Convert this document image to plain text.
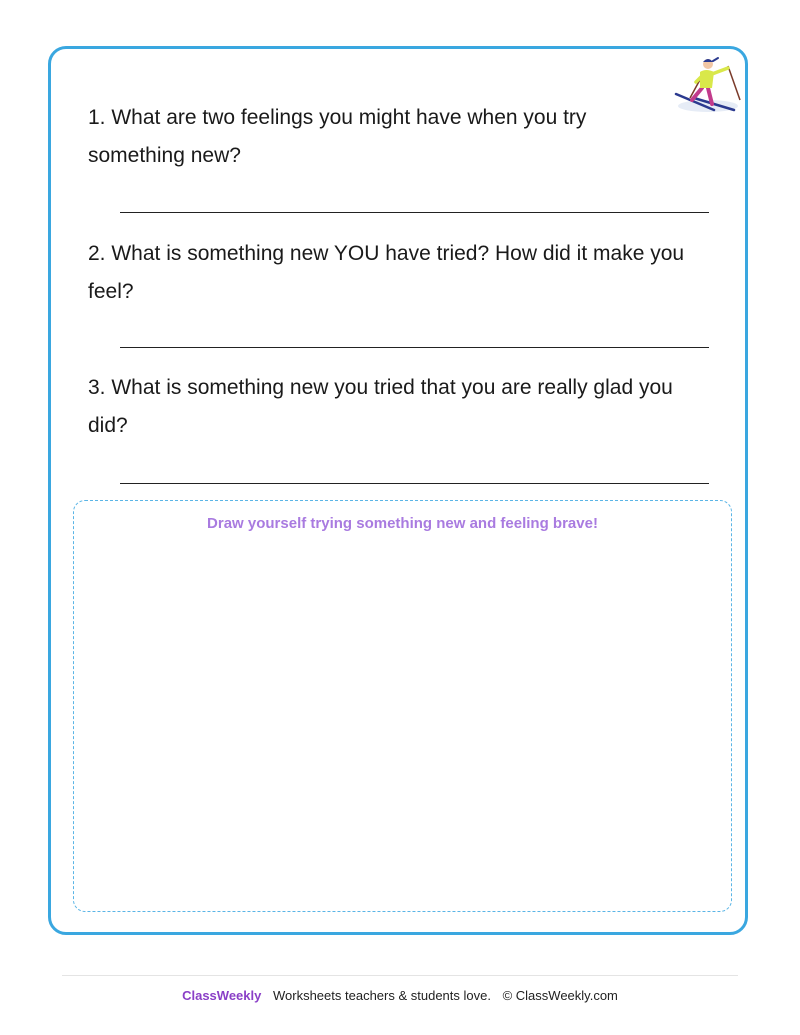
1. What are two feelings you might have when you try something new?

2. What is something new YOU have tried? How did it make you feel?

3. What is something new you tried that you are really glad you did?

Draw yourself trying something new and feeling brave!
ClassWeekly Worksheets teachers & students love. © ClassWeekly.com
